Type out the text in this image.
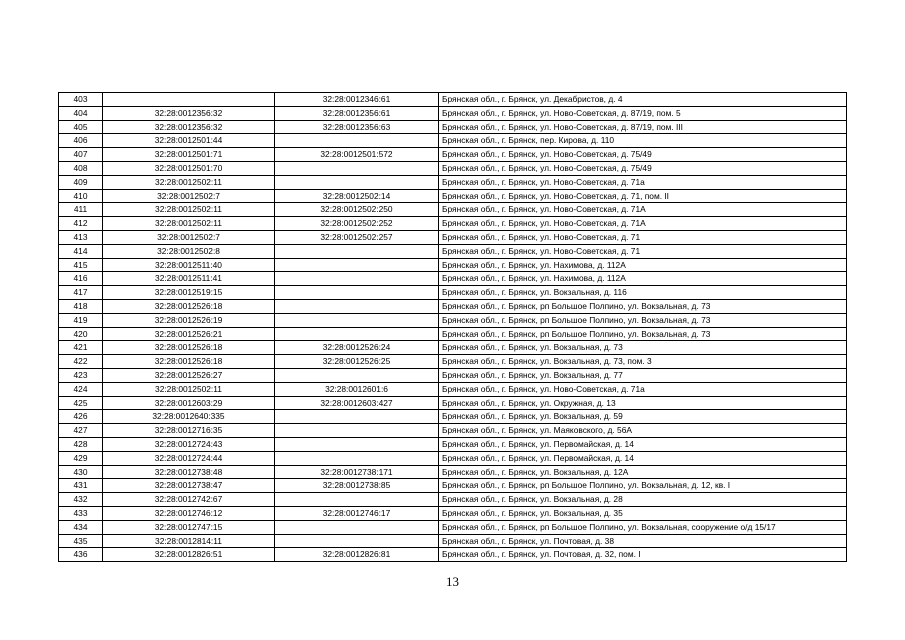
403		32:28:0012346:61	Брянская обл., г. Брянск, ул. Декабристов, д. 4
404	32:28:0012356:32	32:28:0012356:61	Брянская обл., г. Брянск, ул. Ново-Советская, д. 87/19, пом. 5
405	32:28:0012356:32	32:28:0012356:63	Брянская обл., г. Брянск, ул. Ново-Советская, д. 87/19, пом. III
406	32:28:0012501:44		Брянская обл., г. Брянск, пер. Кирова, д. 110
407	32:28:0012501:71	32:28:0012501:572	Брянская обл., г. Брянск, ул. Ново-Советская, д. 75/49
408	32:28:0012501:70		Брянская обл., г. Брянск, ул. Ново-Советская, д. 75/49
409	32:28:0012502:11		Брянская обл., г. Брянск, ул. Ново-Советская, д. 71а
410	32:28:0012502:7	32:28:0012502:14	Брянская обл., г. Брянск, ул. Ново-Советская, д. 71, пом. II
411	32:28:0012502:11	32:28:0012502:250	Брянская обл., г. Брянск, ул. Ново-Советская, д. 71А
412	32:28:0012502:11	32:28:0012502:252	Брянская обл., г. Брянск, ул. Ново-Советская, д. 71А
413	32:28:0012502:7	32:28:0012502:257	Брянская обл., г. Брянск, ул. Ново-Советская, д. 71
414	32:28:0012502:8		Брянская обл., г. Брянск, ул. Ново-Советская, д. 71
415	32:28:0012511:40		Брянская обл., г. Брянск, ул. Нахимова, д. 112А
416	32:28:0012511:41		Брянская обл., г. Брянск, ул. Нахимова, д. 112А
417	32:28:0012519:15		Брянская обл., г. Брянск, ул. Вокзальная, д. 116
418	32:28:0012526:18		Брянская обл., г. Брянск, рп Большое Полпино, ул. Вокзальная, д. 73
419	32:28:0012526:19		Брянская обл., г. Брянск, рп Большое Полпино, ул. Вокзальная, д. 73
420	32:28:0012526:21		Брянская обл., г. Брянск, рп Большое Полпино, ул. Вокзальная, д. 73
421	32:28:0012526:18	32:28:0012526:24	Брянская обл., г. Брянск, ул. Вокзальная, д. 73
422	32:28:0012526:18	32:28:0012526:25	Брянская обл., г. Брянск, ул. Вокзальная, д. 73, пом. 3
423	32:28:0012526:27		Брянская обл., г. Брянск, ул. Вокзальная, д. 77
424	32:28:0012502:11	32:28:0012601:6	Брянская обл., г. Брянск, ул. Ново-Советская, д. 71а
425	32:28:0012603:29	32:28:0012603:427	Брянская обл., г. Брянск, ул. Окружная, д. 13
426	32:28:0012640:335		Брянская обл., г. Брянск, ул. Вокзальная, д. 59
427	32:28:0012716:35		Брянская обл., г. Брянск, ул. Маяковского, д. 56А
428	32:28:0012724:43		Брянская обл., г. Брянск, ул. Первомайская, д. 14
429	32:28:0012724:44		Брянская обл., г. Брянск, ул. Первомайская, д. 14
430	32:28:0012738:48	32:28:0012738:171	Брянская обл., г. Брянск, ул. Вокзальная, д. 12А
431	32:28:0012738:47	32:28:0012738:85	Брянская обл., г. Брянск, рп Большое Полпино, ул. Вокзальная, д. 12, кв. I
432	32:28:0012742:67		Брянская обл., г. Брянск, ул. Вокзальная, д. 28
433	32:28:0012746:12	32:28:0012746:17	Брянская обл., г. Брянск, ул. Вокзальная, д. 35
434	32:28:0012747:15		Брянская обл., г. Брянск, рп Большое Полпино, ул. Вокзальная, сооружение о/д 15/17
435	32:28:0012814:11		Брянская обл., г. Брянск, ул. Почтовая, д. 38
436	32:28:0012826:51	32:28:0012826:81	Брянская обл., г. Брянск, ул. Почтовая, д. 32, пом. I
13
